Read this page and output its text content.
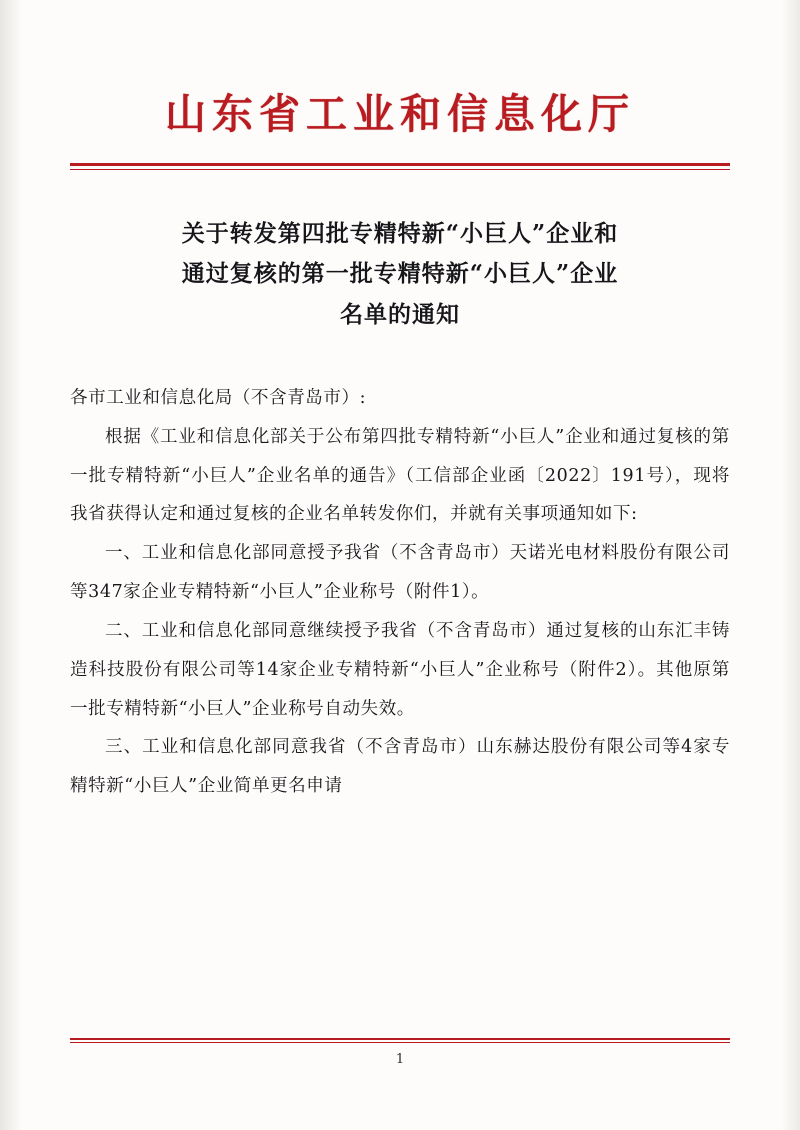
山东省工业和信息化厅
关于转发第四批专精特新“小巨人”企业和
通过复核的第一批专精特新“小巨人”企业
名单的通知

各市工业和信息化局（不含青岛市）:

根据《工业和信息化部关于公布第四批专精特新“小巨人”企业和通过复核的第一批专精特新“小巨人”企业名单的通告》（工信部企业函〔2022〕191号），现将我省获得认定和通过复核的企业名单转发你们，并就有关事项通知如下:

一、工业和信息化部同意授予我省（不含青岛市）天诺光电材料股份有限公司等347家企业专精特新“小巨人”企业称号（附件1）。

二、工业和信息化部同意继续授予我省（不含青岛市）通过复核的山东汇丰铸造科技股份有限公司等14家企业专精特新“小巨人”企业称号（附件2）。其他原第一批专精特新“小巨人”企业称号自动失效。

三、工业和信息化部同意我省（不含青岛市）山东赫达股份有限公司等4家专精特新“小巨人”企业简单更名申请

1
